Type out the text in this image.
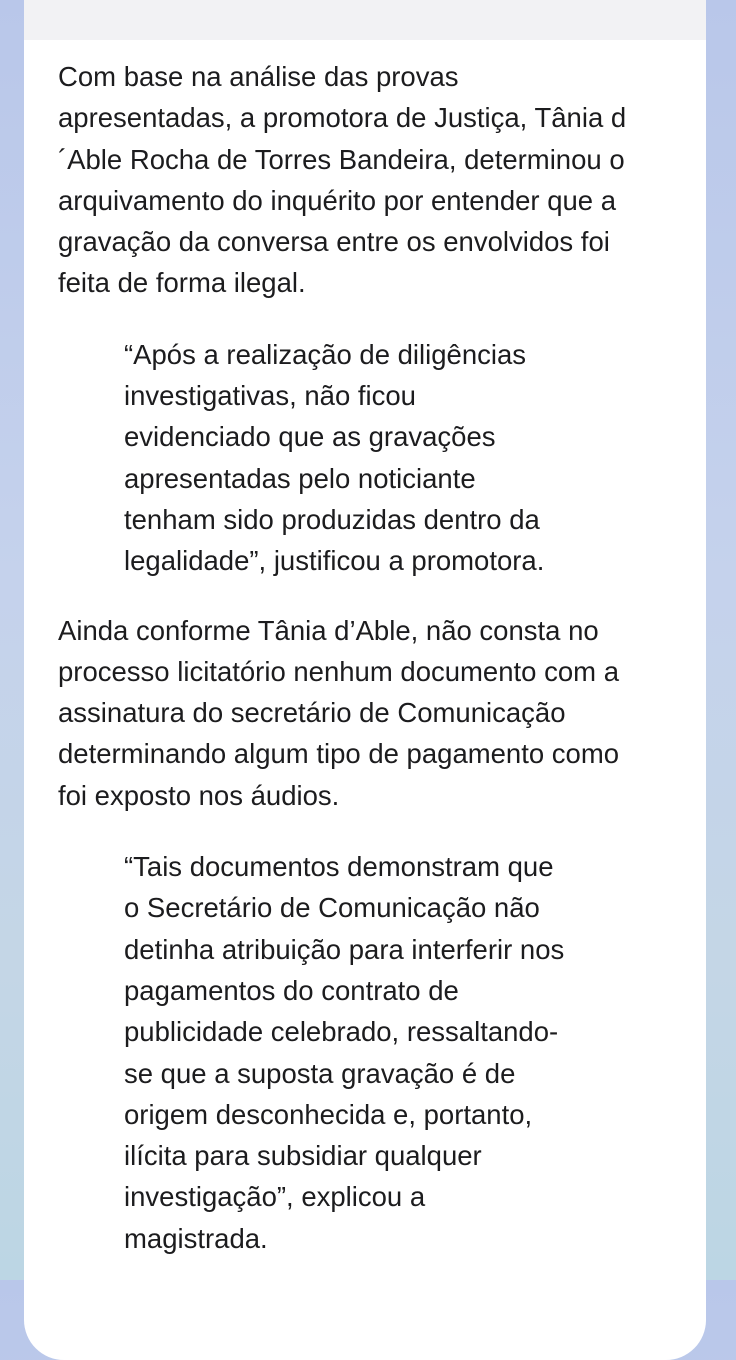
Com base na análise das provas
apresentadas, a promotora de Justiça, Tânia d
´Able Rocha de Torres Bandeira, determinou o
arquivamento do inquérito por entender que a
gravação da conversa entre os envolvidos foi
feita de forma ilegal.

“Após a realização de diligências
investigativas, não ficou
evidenciado que as gravações
apresentadas pelo noticiante
tenham sido produzidas dentro da
legalidade”, justificou a promotora.

Ainda conforme Tânia d’Able, não consta no
processo licitatório nenhum documento com a
assinatura do secretário de Comunicação
determinando algum tipo de pagamento como
foi exposto nos áudios.

“Tais documentos demonstram que
o Secretário de Comunicação não
detinha atribuição para interferir nos
pagamentos do contrato de
publicidade celebrado, ressaltando-
se que a suposta gravação é de
origem desconhecida e, portanto,
ilícita para subsidiar qualquer
investigação”, explicou a
magistrada.
